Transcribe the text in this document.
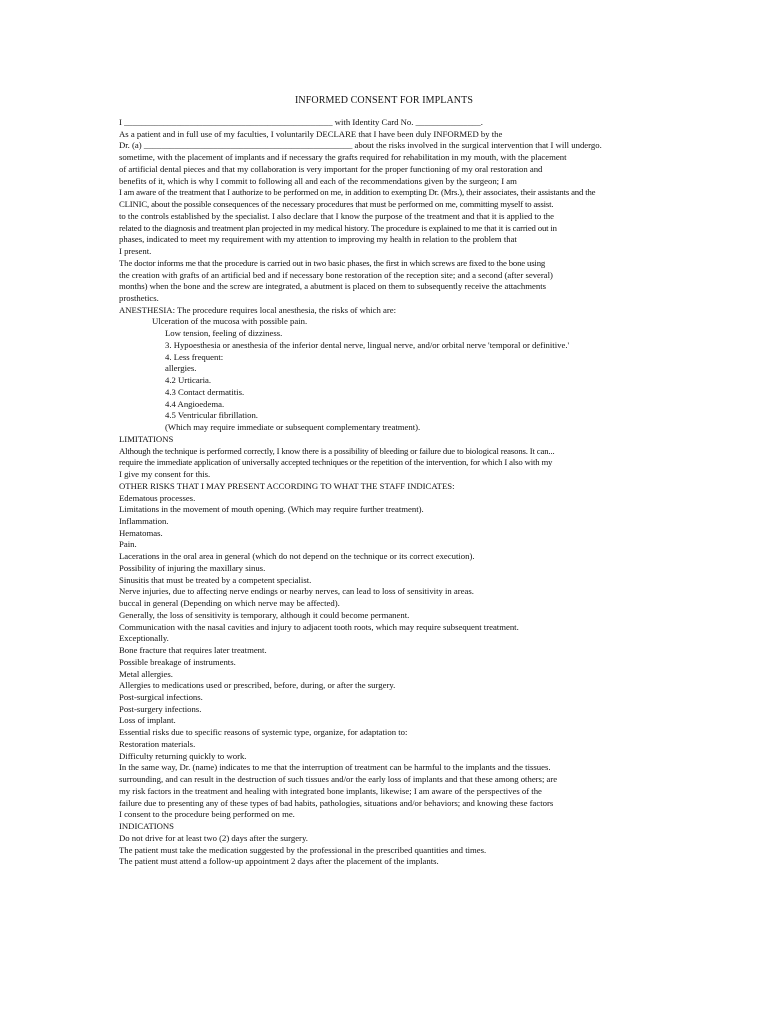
INFORMED CONSENT FOR IMPLANTS
I ________________________________________________ with Identity Card No. _______________.
As a patient and in full use of my faculties, I voluntarily DECLARE that I have been duly INFORMED by the
Dr. (a) ________________________________________________ about the risks involved in the surgical intervention that I will undergo.
sometime, with the placement of implants and if necessary the grafts required for rehabilitation in my mouth, with the placement
of artificial dental pieces and that my collaboration is very important for the proper functioning of my oral restoration and
benefits of it, which is why I commit to following all and each of the recommendations given by the surgeon; I am
I am aware of the treatment that I authorize to be performed on me, in addition to exempting Dr. (Mrs.), their associates, their assistants and the
CLINIC, about the possible consequences of the necessary procedures that must be performed on me, committing myself to assist.
to the controls established by the specialist. I also declare that I know the purpose of the treatment and that it is applied to the
related to the diagnosis and treatment plan projected in my medical history. The procedure is explained to me that it is carried out in
phases, indicated to meet my requirement with my attention to improving my health in relation to the problem that
I present.
The doctor informs me that the procedure is carried out in two basic phases, the first in which screws are fixed to the bone using
the creation with grafts of an artificial bed and if necessary bone restoration of the reception site; and a second (after several)
months) when the bone and the screw are integrated, a abutment is placed on them to subsequently receive the attachments
prosthetics.
ANESTHESIA: The procedure requires local anesthesia, the risks of which are:
Ulceration of the mucosa with possible pain.
Low tension, feeling of dizziness.
3. Hypoesthesia or anesthesia of the inferior dental nerve, lingual nerve, and/or orbital nerve 'temporal or definitive.'
4. Less frequent:
allergies.
4.2 Urticaria.
4.3 Contact dermatitis.
4.4 Angioedema.
4.5 Ventricular fibrillation.
(Which may require immediate or subsequent complementary treatment).
LIMITATIONS
Although the technique is performed correctly, I know there is a possibility of bleeding or failure due to biological reasons. It can...
require the immediate application of universally accepted techniques or the repetition of the intervention, for which I also with my
I give my consent for this.
OTHER RISKS THAT I MAY PRESENT ACCORDING TO WHAT THE STAFF INDICATES:
Edematous processes.
Limitations in the movement of mouth opening. (Which may require further treatment).
Inflammation.
Hematomas.
Pain.
Lacerations in the oral area in general (which do not depend on the technique or its correct execution).
Possibility of injuring the maxillary sinus.
Sinusitis that must be treated by a competent specialist.
Nerve injuries, due to affecting nerve endings or nearby nerves, can lead to loss of sensitivity in areas.
buccal in general (Depending on which nerve may be affected).
Generally, the loss of sensitivity is temporary, although it could become permanent.
Communication with the nasal cavities and injury to adjacent tooth roots, which may require subsequent treatment.
Exceptionally.
Bone fracture that requires later treatment.
Possible breakage of instruments.
Metal allergies.
Allergies to medications used or prescribed, before, during, or after the surgery.
Post-surgical infections.
Post-surgery infections.
Loss of implant.
Essential risks due to specific reasons of systemic type, organize, for adaptation to:
Restoration materials.
Difficulty returning quickly to work.
In the same way, Dr. (name) indicates to me that the interruption of treatment can be harmful to the implants and the tissues.
surrounding, and can result in the destruction of such tissues and/or the early loss of implants and that these among others; are
my risk factors in the treatment and healing with integrated bone implants, likewise; I am aware of the perspectives of the
failure due to presenting any of these types of bad habits, pathologies, situations and/or behaviors; and knowing these factors
I consent to the procedure being performed on me.
INDICATIONS
Do not drive for at least two (2) days after the surgery.
The patient must take the medication suggested by the professional in the prescribed quantities and times.
The patient must attend a follow-up appointment 2 days after the placement of the implants.
